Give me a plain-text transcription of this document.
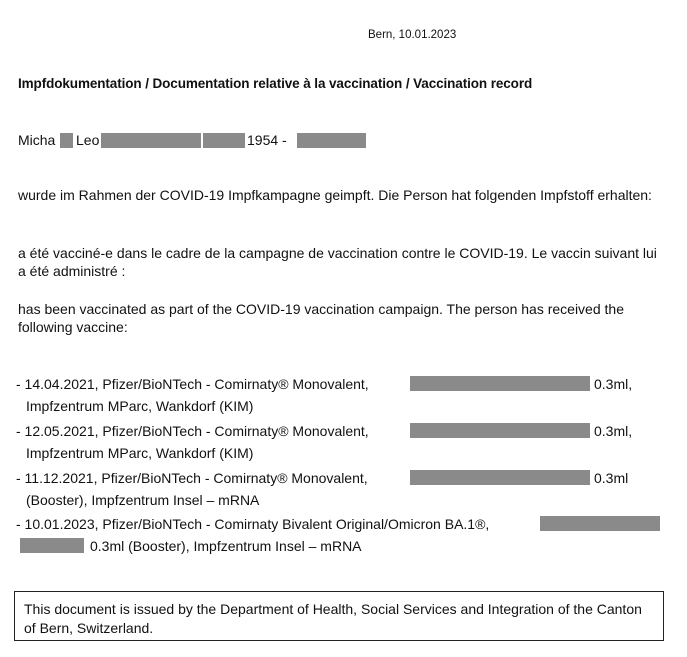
Bern, 10.01.2023
Impfdokumentation / Documentation relative à la vaccination / Vaccination record
Micha Leo	1954 -

wurde im Rahmen der COVID-19 Impfkampagne geimpft. Die Person hat folgenden Impfstoff erhalten:

a été vacciné-e dans le cadre de la campagne de vaccination contre le COVID-19. Le vaccin suivant lui a été administré :

has been vaccinated as part of the COVID-19 vaccination campaign. The person has received the following vaccine:

- 14.04.2021, Pfizer/BioNTech - Comirnaty® Monovalent,	0.3ml,
Impfzentrum MParc, Wankdorf (KIM)
- 12.05.2021, Pfizer/BioNTech - Comirnaty® Monovalent,	0.3ml,
Impfzentrum MParc, Wankdorf (KIM)
- 11.12.2021, Pfizer/BioNTech - Comirnaty® Monovalent,	0.3ml
(Booster), Impfzentrum Insel – mRNA
- 10.01.2023, Pfizer/BioNTech - Comirnaty Bivalent Original/Omicron BA.1®,
0.3ml (Booster), Impfzentrum Insel – mRNA
This document is issued by the Department of Health, Social Services and Integration of the Canton of Bern, Switzerland.
